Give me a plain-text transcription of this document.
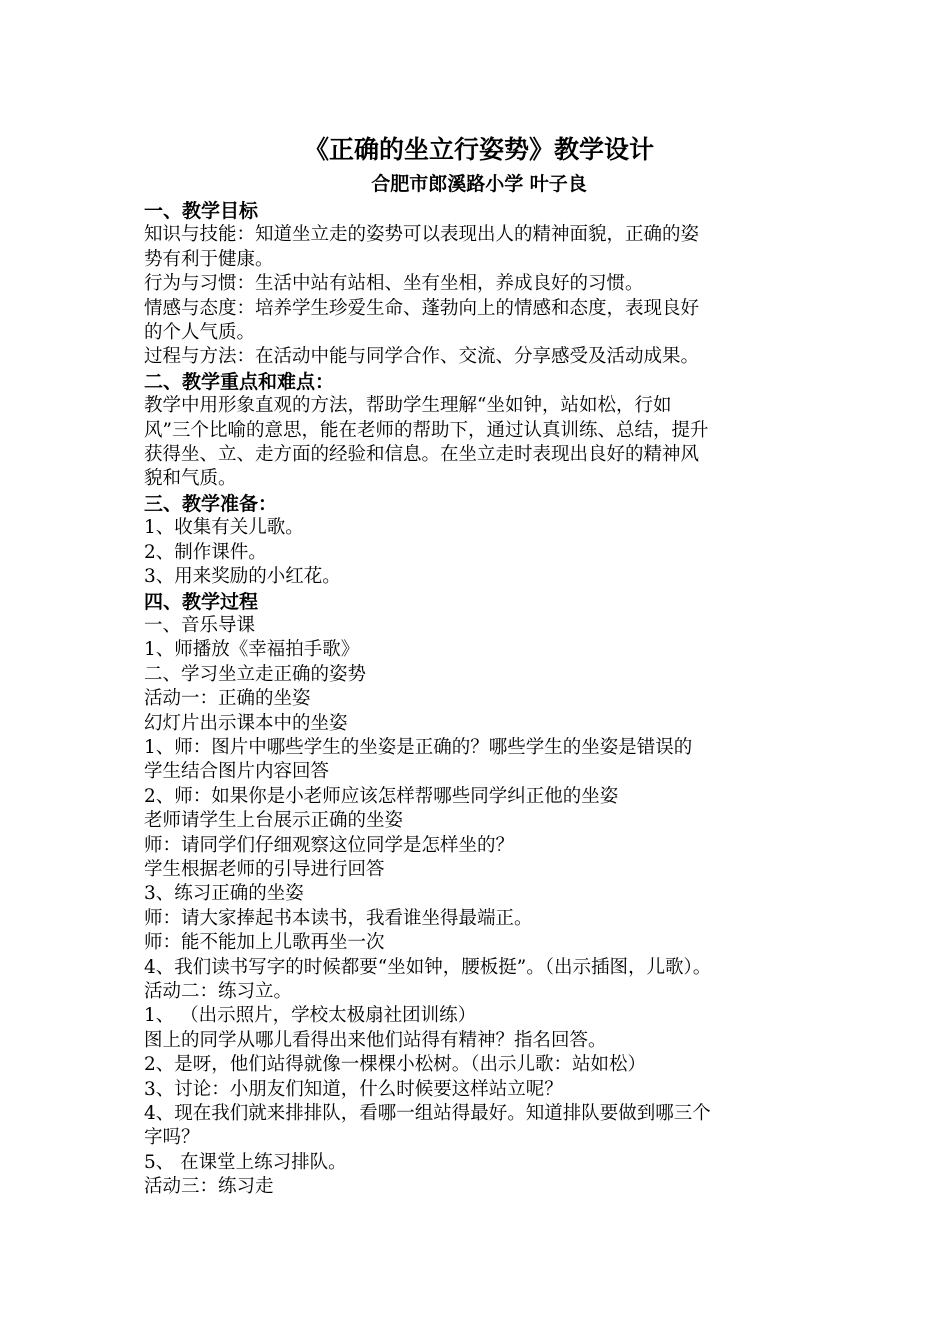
《正确的坐立行姿势》教学设计
合肥市郎溪路小学 叶子良
一、教学目标
知识与技能：知道坐立走的姿势可以表现出人的精神面貌，正确的姿
势有利于健康。
行为与习惯：生活中站有站相、坐有坐相，养成良好的习惯。
情感与态度：培养学生珍爱生命、蓬勃向上的情感和态度，表现良好
的个人气质。
过程与方法：在活动中能与同学合作、交流、分享感受及活动成果。
二、教学重点和难点：
教学中用形象直观的方法，帮助学生理解“坐如钟，站如松，行如
风”三个比喻的意思，能在老师的帮助下，通过认真训练、总结，提升
获得坐、立、走方面的经验和信息。在坐立走时表现出良好的精神风
貌和气质。
三、教学准备：
1、收集有关儿歌。
2、制作课件。
3、用来奖励的小红花。
四、教学过程
一、音乐导课
1、师播放《幸福拍手歌》
二、学习坐立走正确的姿势
活动一：正确的坐姿
幻灯片出示课本中的坐姿
1、师：图片中哪些学生的坐姿是正确的？哪些学生的坐姿是错误的
学生结合图片内容回答
2、师：如果你是小老师应该怎样帮哪些同学纠正他的坐姿
老师请学生上台展示正确的坐姿
师：请同学们仔细观察这位同学是怎样坐的？
学生根据老师的引导进行回答
3、练习正确的坐姿
师：请大家捧起书本读书，我看谁坐得最端正。
师：能不能加上儿歌再坐一次
4、我们读书写字的时候都要“坐如钟，腰板挺”。（出示插图，儿歌）。
活动二：练习立。
1、 （出示照片，学校太极扇社团训练）
图上的同学从哪儿看得出来他们站得有精神？指名回答。
2、是呀，他们站得就像一棵棵小松树。（出示儿歌：站如松）
3、讨论：小朋友们知道，什么时候要这样站立呢？
4、现在我们就来排排队，看哪一组站得最好。知道排队要做到哪三个
字吗？
5、 在课堂上练习排队。
活动三：练习走
